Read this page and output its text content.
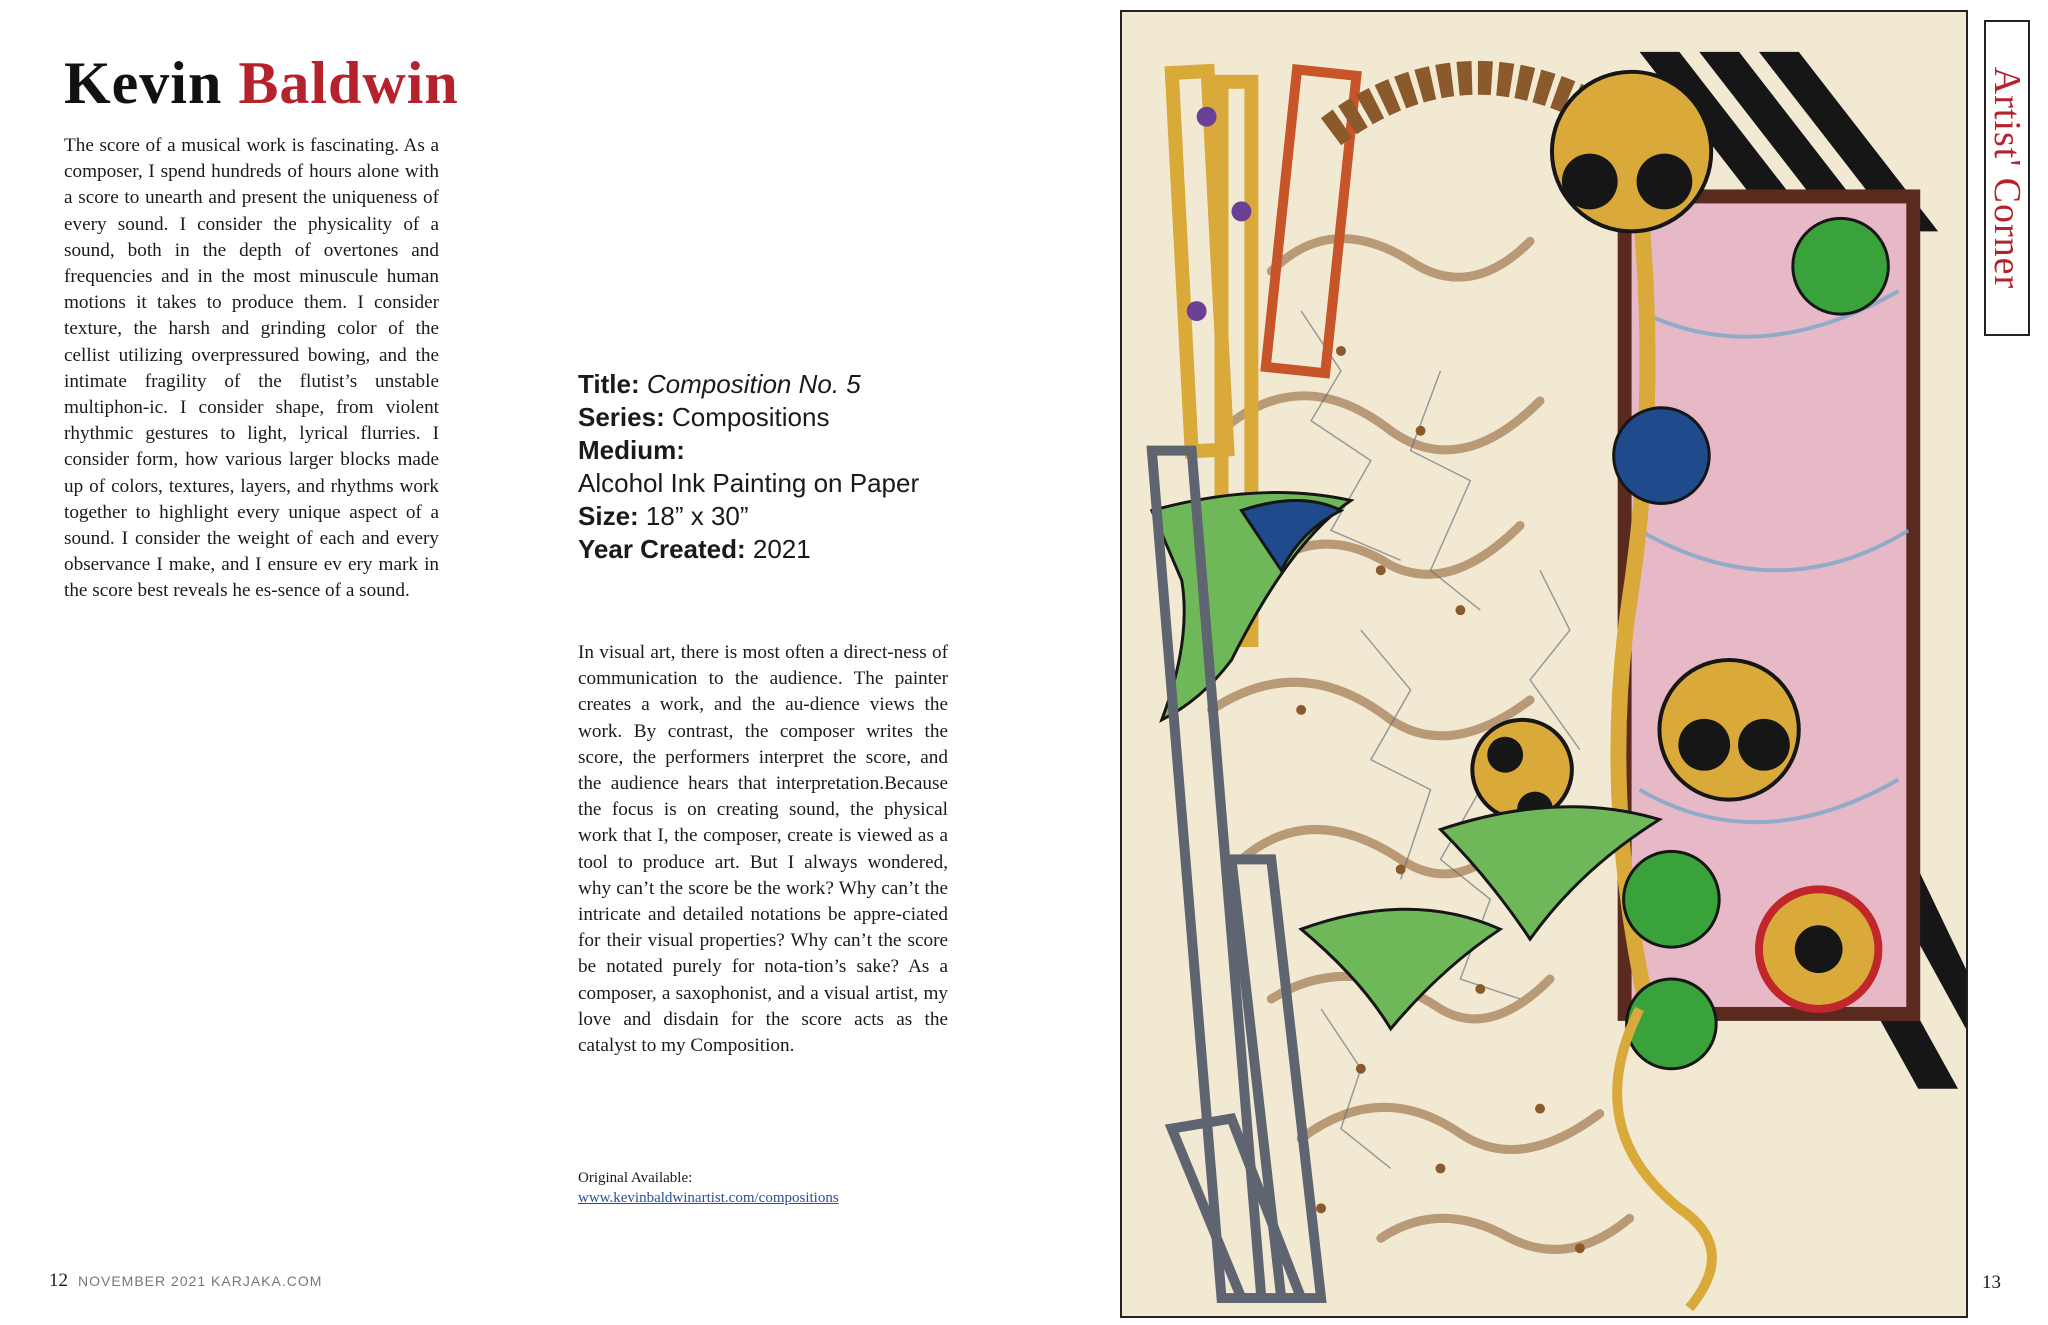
Kevin Baldwin

The score of a musical work is fascinating. As a composer, I spend hundreds of hours alone with a score to unearth and present the uniqueness of every sound. I consider the physicality of a sound, both in the depth of overtones and frequencies and in the most minuscule human motions it takes to produce them. I consider texture, the harsh and grinding color of the cellist utilizing overpressured bowing, and the intimate fragility of the flutist’s unstable multiphon-ic. I consider shape, from violent rhythmic gestures to light, lyrical flurries. I consider form, how various larger blocks made up of colors, textures, layers, and rhythms work together to highlight every unique aspect of a sound. I consider the weight of each and every observance I make, and I ensure ev ery mark in the score best reveals he es-sence of a sound.

Title: Composition No. 5
Series: Compositions
Medium:
Alcohol Ink Painting on Paper
Size: 18” x 30”
Year Created: 2021

In visual art, there is most often a direct-ness of communication to the audience. The painter creates a work, and the au-dience views the work. By contrast, the composer writes the score, the performers interpret the score, and the audience hears that interpretation.Because the focus is on creating sound, the physical work that I, the composer, create is viewed as a tool to produce art. But I always wondered, why can’t the score be the work? Why can’t the intricate and detailed notations be appre-ciated for their visual properties? Why can’t the score be notated purely for nota-tion’s sake? As a composer, a saxophonist, and a visual artist, my love and disdain for the score acts as the catalyst to my Composition.

Original Available:
www.kevinbaldwinartist.com/compositions
12 NOVEMBER 2021 KARJAKA.COM	13
Artist' Corner
